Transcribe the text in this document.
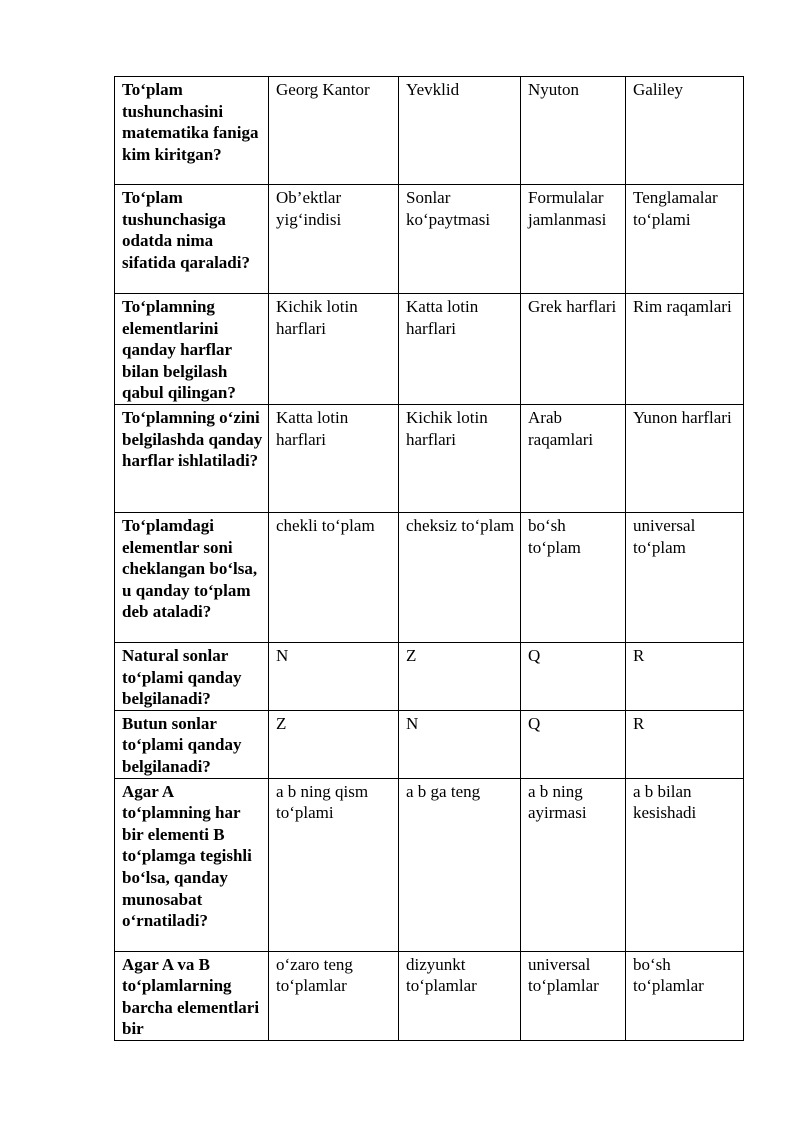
To‘plam tushunchasini matematika faniga kim kiritgan?	Georg Kantor	Yevklid	Nyuton	Galiley
To‘plam tushunchasiga odatda nima sifatida qaraladi?	Ob’ektlar yig‘indisi	Sonlar ko‘paytmasi	Formulalar jamlanmasi	Tenglamalar to‘plami
To‘plamning elementlarini qanday harflar bilan belgilash qabul qilingan?	Kichik lotin harflari	Katta lotin harflari	Grek harflari	Rim raqamlari
To‘plamning o‘zini belgilashda qanday harflar ishlatiladi?	Katta lotin harflari	Kichik lotin harflari	Arab raqamlari	Yunon harflari
To‘plamdagi elementlar soni cheklangan bo‘lsa, u qanday to‘plam deb ataladi?	chekli to‘plam	cheksiz to‘plam	bo‘sh to‘plam	universal to‘plam
Natural sonlar to‘plami qanday belgilanadi?	N	Z	Q	R
Butun sonlar to‘plami qanday belgilanadi?	Z	N	Q	R
Agar A to‘plamning har bir elementi B to‘plamga tegishli bo‘lsa, qanday munosabat o‘rnatiladi?	a b ning qism to‘plami	a b ga teng	a b ning ayirmasi	a b bilan kesishadi
Agar A va B to‘plamlarning barcha elementlari bir	o‘zaro teng to‘plamlar	dizyunkt to‘plamlar	universal to‘plamlar	bo‘sh to‘plamlar
